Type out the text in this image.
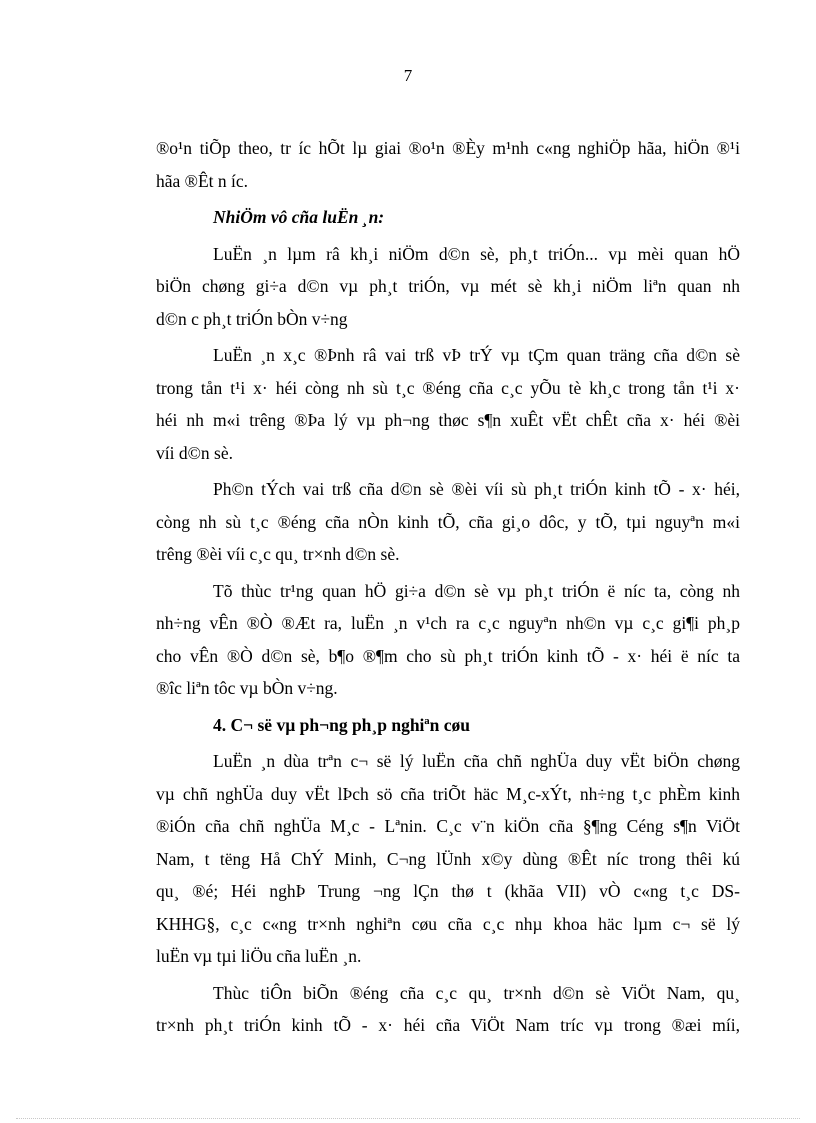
7

®o¹n tiÕp theo, tr íc hÕt lµ giai ®o¹n ®Èy m¹nh c«ng nghiÖp hãa, hiÖn ®¹i
hãa ®Êt n íc.

NhiÖm vô cña luËn ¸n:

LuËn ¸n lµm râ kh¸i niÖm d©n sè, ph¸t triÓn... vµ mèi quan hÖ
biÖn chøng gi÷a d©n vµ ph¸t triÓn, vµ mét sè kh¸i niÖm liªn quan nh
d©n c ph¸t triÓn bÒn v÷ng

LuËn ¸n x¸c ®Þnh râ vai trß vÞ trÝ vµ tÇm quan träng cña d©n sè
trong tån t¹i x· héi còng nh sù t¸c ®éng cña c¸c yÕu tè kh¸c trong tån t¹i x·
héi nh m«i trêng ®Þa lý vµ ph¬ng thøc s¶n xuÊt vËt chÊt cña x· héi ®èi
víi d©n sè.

Ph©n tÝch vai trß cña d©n sè ®èi víi sù ph¸t triÓn kinh tÕ - x· héi,
còng nh sù t¸c ®éng cña nÒn kinh tÕ, cña gi¸o dôc, y tÕ, tµi nguyªn m«i
trêng ®èi víi c¸c qu¸ tr×nh d©n sè.

Tõ thùc tr¹ng quan hÖ gi÷a d©n sè vµ ph¸t triÓn ë níc ta, còng nh
nh÷ng vÊn ®Ò ®Æt ra, luËn ¸n v¹ch ra c¸c nguyªn nh©n vµ c¸c gi¶i ph¸p
cho vÊn ®Ò d©n sè, b¶o ®¶m cho sù ph¸t triÓn kinh tÕ - x· héi ë níc ta
®îc liªn tôc vµ bÒn v÷ng.

4. C¬ së vµ ph¬ng ph¸p nghiªn cøu

LuËn ¸n dùa trªn c¬ së lý luËn cña chñ nghÜa duy vËt biÖn chøng
vµ chñ nghÜa duy vËt lÞch sö cña triÕt häc M¸c-xÝt, nh÷ng t¸c phÈm kinh
®iÓn cña chñ nghÜa M¸c - Lªnin. C¸c v¨n kiÖn cña §¶ng Céng s¶n ViÖt
Nam, t tëng Hå ChÝ Minh, C¬ng lÜnh x©y dùng ®Êt níc trong thêi kú
qu¸ ®é; Héi nghÞ Trung ¬ng lÇn thø t (khãa VII) vÒ c«ng t¸c DS-
KHHG§, c¸c c«ng tr×nh nghiªn cøu cña c¸c nhµ khoa häc lµm c¬ së lý
luËn vµ tµi liÖu cña luËn ¸n.

Thùc tiÔn biÕn ®éng cña c¸c qu¸ tr×nh d©n sè ViÖt Nam, qu¸
tr×nh ph¸t triÓn kinh tÕ - x· héi cña ViÖt Nam tríc vµ trong ®æi míi,
